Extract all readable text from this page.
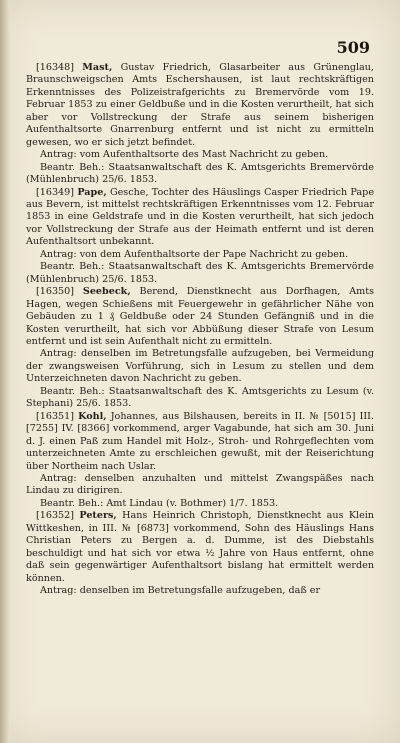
509

[16348] Mast, Gustav Friedrich, Glasarbeiter aus Grünenglau, Braunschweigschen Amts Eschershausen, ist laut rechtskräftigen Erkenntnisses des Polizeistrafgerichts zu Bremervörde vom 19. Februar 1853 zu einer Geldbuße und in die Kosten verurtheilt, hat sich aber vor Vollstreckung der Strafe aus seinem bisherigen Aufenthaltsorte Gnarrenburg entfernt und ist nicht zu ermitteln gewesen, wo er sich jetzt befindet.

Antrag: vom Aufenthaltsorte des Mast Nachricht zu geben.

Beantr. Beh.: Staatsanwaltschaft des K. Amtsgerichts Bremervörde (Mühlenbruch) 25/6. 1853.

[16349] Pape, Gesche, Tochter des Häuslings Casper Friedrich Pape aus Bevern, ist mittelst rechtskräftigen Erkenntnisses vom 12. Februar 1853 in eine Geldstrafe und in die Kosten verurtheilt, hat sich jedoch vor Vollstreckung der Strafe aus der Heimath entfernt und ist deren Aufenthaltsort unbekannt.

Antrag: von dem Aufenthaltsorte der Pape Nachricht zu geben.

Beantr. Beh.: Staatsanwaltschaft des K. Amtsgerichts Bremervörde (Mühlenbruch) 25/6. 1853.

[16350] Seebeck, Berend, Dienstknecht aus Dorfhagen, Amts Hagen, wegen Schießens mit Feuergewehr in gefährlicher Nähe von Gebäuden zu 1 ₰ Geldbuße oder 24 Stunden Gefängniß und in die Kosten verurtheilt, hat sich vor Abbüßung dieser Strafe von Lesum entfernt und ist sein Aufenthalt nicht zu ermitteln.

Antrag: denselben im Betretungsfalle aufzugeben, bei Vermeidung der zwangsweisen Vorführung, sich in Lesum zu stellen und dem Unterzeichneten davon Nachricht zu geben.

Beantr. Beh.: Staatsanwaltschaft des K. Amtsgerichts zu Lesum (v. Stephani) 25/6. 1853.

[16351] Kohl, Johannes, aus Bilshausen, bereits in II. № [5015] III. [7255] IV. [8366] vorkommend, arger Vagabunde, hat sich am 30. Juni d. J. einen Paß zum Handel mit Holz-, Stroh- und Rohrgeflechten vom unterzeichneten Amte zu erschleichen gewußt, mit der Reiserichtung über Northeim nach Uslar.

Antrag: denselben anzuhalten und mittelst Zwangspäßes nach Lindau zu dirigiren.

Beantr. Beh.: Amt Lindau (v. Bothmer) 1/7. 1853.

[16352] Peters, Hans Heinrich Christoph, Dienstknecht aus Klein Wittkeshen, in III. № [6873] vorkommend, Sohn des Häuslings Hans Christian Peters zu Bergen a. d. Dumme, ist des Diebstahls beschuldigt und hat sich vor etwa ½ Jahre von Haus entfernt, ohne daß sein gegenwärtiger Aufenthaltsort bislang hat ermittelt werden können.

Antrag: denselben im Betretungsfalle aufzugeben, daß er
